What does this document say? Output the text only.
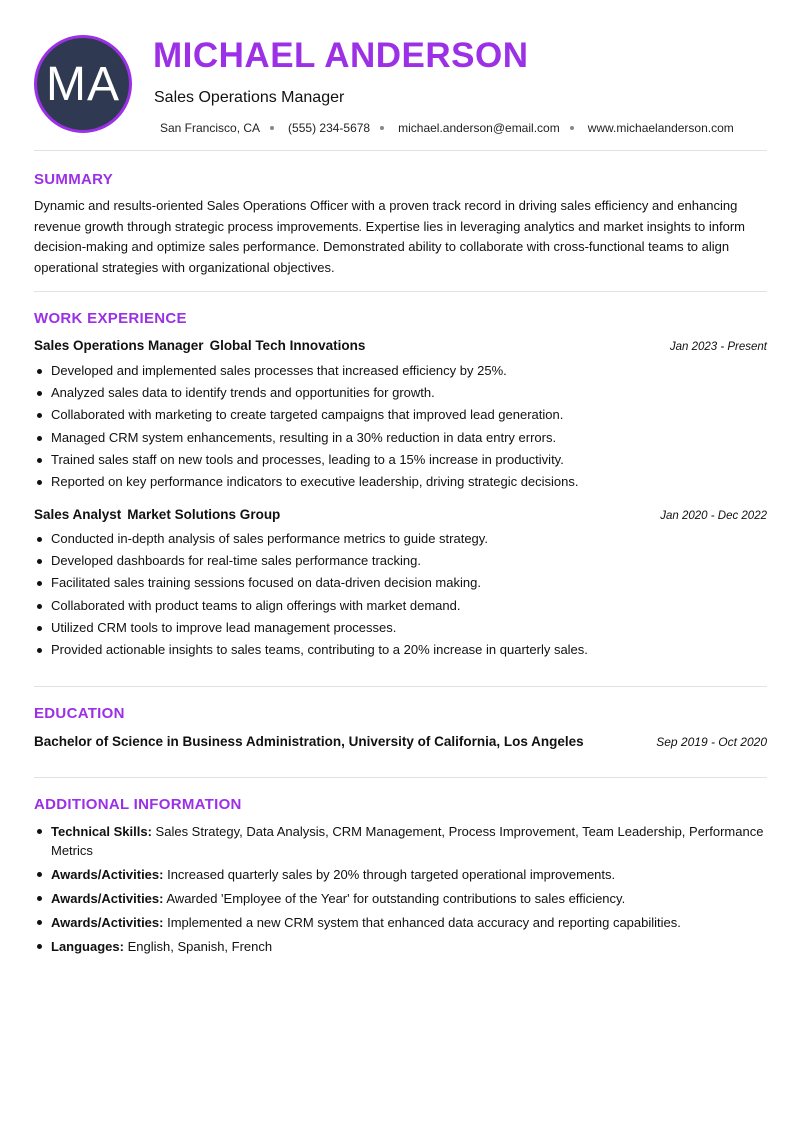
MA
MICHAEL ANDERSON
Sales Operations Manager
San Francisco, CA (555) 234-5678 michael.anderson@email.com www.michaelanderson.com
SUMMARY
Dynamic and results-oriented Sales Operations Officer with a proven track record in driving sales efficiency and enhancing revenue growth through strategic process improvements. Expertise lies in leveraging analytics and market insights to inform decision-making and optimize sales performance. Demonstrated ability to collaborate with cross-functional teams to align operational strategies with organizational objectives.
WORK EXPERIENCE
Sales Operations Manager Global Tech Innovations	Jan 2023 - Present
Developed and implemented sales processes that increased efficiency by 25%.
Analyzed sales data to identify trends and opportunities for growth.
Collaborated with marketing to create targeted campaigns that improved lead generation.
Managed CRM system enhancements, resulting in a 30% reduction in data entry errors.
Trained sales staff on new tools and processes, leading to a 15% increase in productivity.
Reported on key performance indicators to executive leadership, driving strategic decisions.
Sales Analyst Market Solutions Group	Jan 2020 - Dec 2022
Conducted in-depth analysis of sales performance metrics to guide strategy.
Developed dashboards for real-time sales performance tracking.
Facilitated sales training sessions focused on data-driven decision making.
Collaborated with product teams to align offerings with market demand.
Utilized CRM tools to improve lead management processes.
Provided actionable insights to sales teams, contributing to a 20% increase in quarterly sales.
EDUCATION
Bachelor of Science in Business Administration, University of California, Los Angeles	Sep 2019 - Oct 2020
ADDITIONAL INFORMATION
Technical Skills: Sales Strategy, Data Analysis, CRM Management, Process Improvement, Team Leadership, Performance Metrics
Awards/Activities: Increased quarterly sales by 20% through targeted operational improvements.
Awards/Activities: Awarded 'Employee of the Year' for outstanding contributions to sales efficiency.
Awards/Activities: Implemented a new CRM system that enhanced data accuracy and reporting capabilities.
Languages: English, Spanish, French
